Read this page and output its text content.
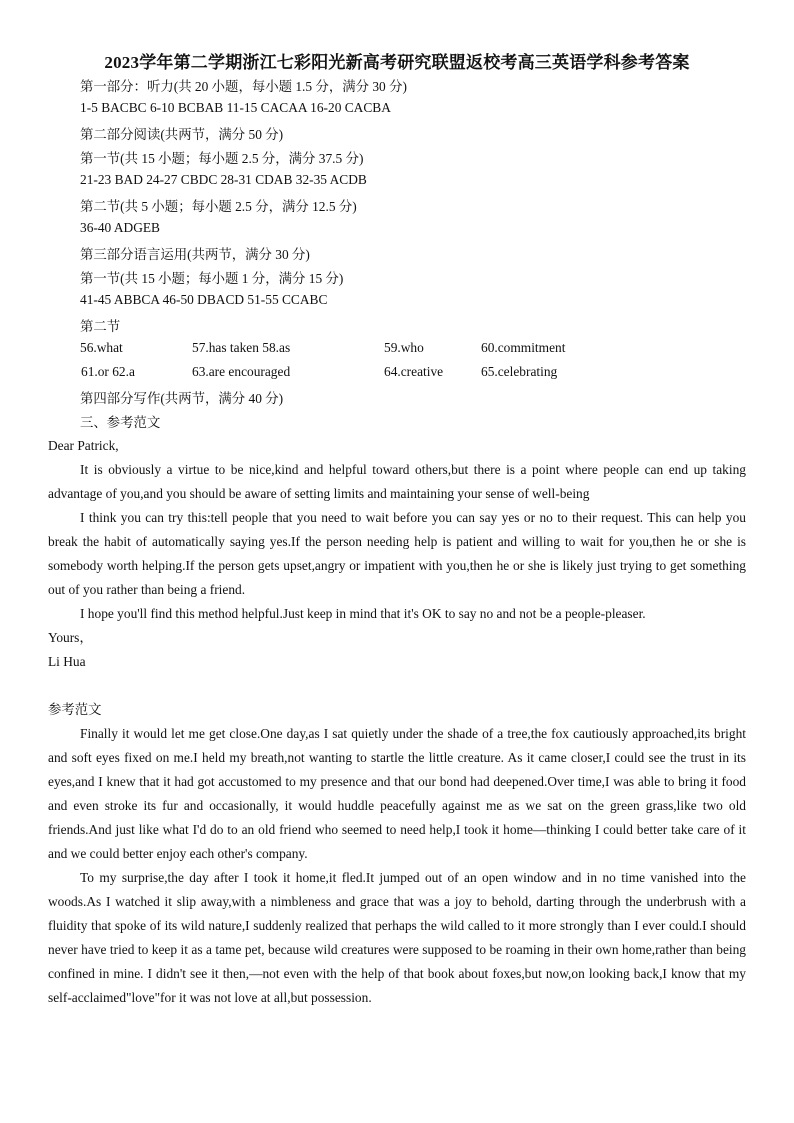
2023学年第二学期浙江七彩阳光新高考研究联盟返校考高三英语学科参考答案
第一部分：听力(共 20 小题，每小题 1.5 分，满分 30 分)
1-5 BACBC 6-10 BCBAB 11-15 CACAA 16-20 CACBA
第二部分阅读(共两节，满分 50 分)
第一节(共 15 小题；每小题 2.5 分，满分 37.5 分)
21-23 BAD 24-27 CBDC 28-31 CDAB 32-35 ACDB
第二节(共 5 小题；每小题 2.5 分，满分 12.5 分)
36-40 ADGEB
第三部分语言运用(共两节，满分 30 分)
第一节(共 15 小题；每小题 1 分，满分 15 分)
41-45 ABBCA 46-50 DBACD 51-55 CCABC
第二节
56.what	57.has taken 58.as	59.who	60.commitment
61.or 62.a	63.are encouraged	64.creative	65.celebrating
第四部分写作(共两节，满分 40 分)
三、参考范文

Dear Patrick,

It is obviously a virtue to be nice,kind and helpful toward others,but there is a point where people can end up taking advantage of you,and you should be aware of setting limits and maintaining your sense of well-being

I think you can try this:tell people that you need to wait before you can say yes or no to their request. This can help you break the habit of automatically saying yes.If the person needing help is patient and willing to wait for you,then he or she is somebody worth helping.If the person gets upset,angry or impatient with you,then he or she is likely just trying to get something out of you rather than being a friend.

I hope you'll find this method helpful.Just keep in mind that it's OK to say no and not be a people-pleaser.

Yours，

Li Hua

参考范文

Finally it would let me get close.One day,as I sat quietly under the shade of a tree,the fox cautiously approached,its bright and soft eyes fixed on me.I held my breath,not wanting to startle the little creature. As it came closer,I could see the trust in its eyes,and I knew that it had got accustomed to my presence and that our bond had deepened.Over time,I was able to bring it food and even stroke its fur and occasionally, it would huddle peacefully against me as we sat on the green grass,like two old friends.And just like what I'd do to an old friend who seemed to need help,I took it home—thinking I could better take care of it and we could better enjoy each other's company.

To my surprise,the day after I took it home,it fled.It jumped out of an open window and in no time vanished into the woods.As I watched it slip away,with a nimbleness and grace that was a joy to behold, darting through the underbrush with a fluidity that spoke of its wild nature,I suddenly realized that perhaps the wild called to it more strongly than I ever could.I should never have tried to keep it as a tame pet, because wild creatures were supposed to be roaming in their own home,rather than being confined in mine. I didn't see it then,—not even with the help of that book about foxes,but now,on looking back,I know that my self-acclaimed"love"for it was not love at all,but possession.
